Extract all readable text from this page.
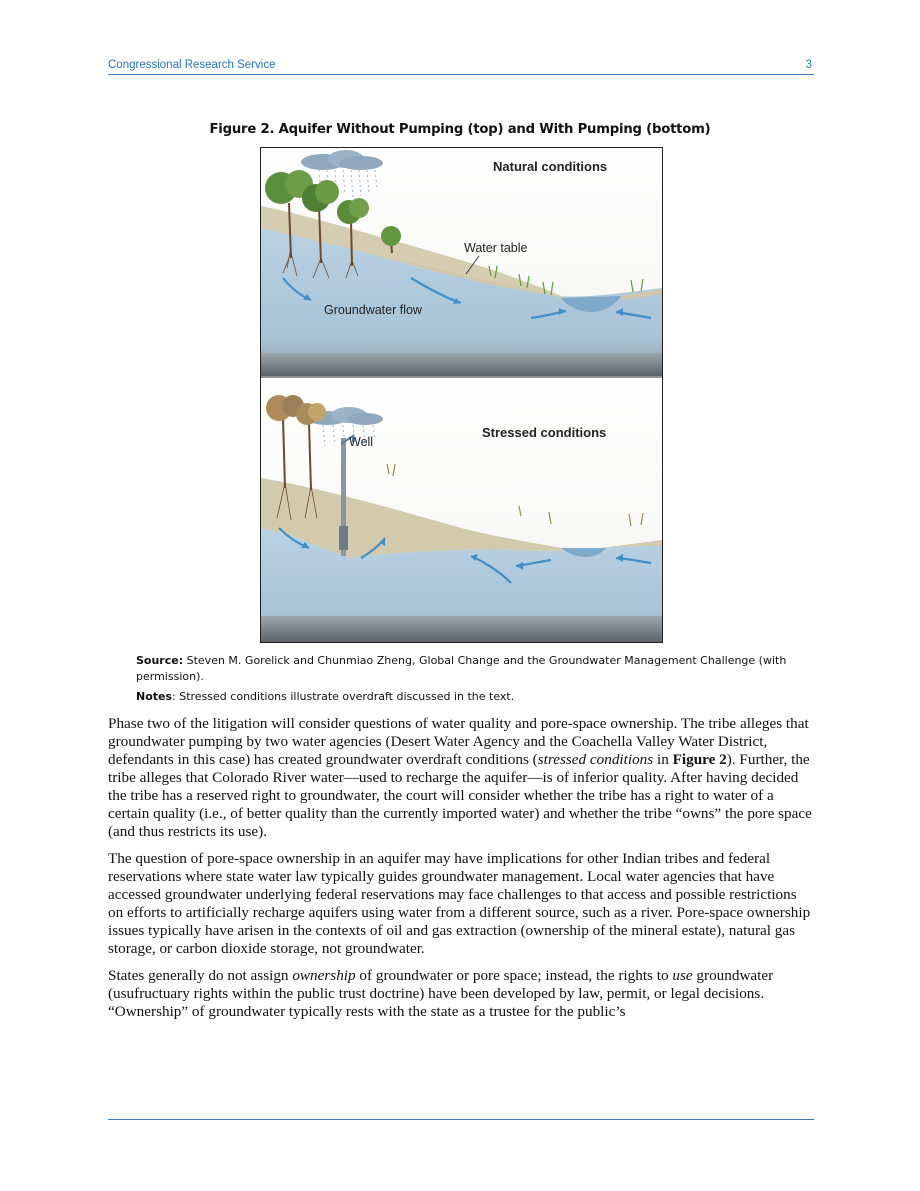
Congressional Research Service	3
Figure 2. Aquifer Without Pumping (top) and With Pumping (bottom)
Natural conditions
Water table
Groundwater flow
Stressed conditions
Well
Source: Steven M. Gorelick and Chunmiao Zheng, Global Change and the Groundwater Management Challenge (with permission).
Notes: Stressed conditions illustrate overdraft discussed in the text.

Phase two of the litigation will consider questions of water quality and pore-space ownership. The tribe alleges that groundwater pumping by two water agencies (Desert Water Agency and the Coachella Valley Water District, defendants in this case) has created groundwater overdraft conditions (stressed conditions in Figure 2). Further, the tribe alleges that Colorado River water—used to recharge the aquifer—is of inferior quality. After having decided the tribe has a reserved right to groundwater, the court will consider whether the tribe has a right to water of a certain quality (i.e., of better quality than the currently imported water) and whether the tribe “owns” the pore space (and thus restricts its use).

The question of pore-space ownership in an aquifer may have implications for other Indian tribes and federal reservations where state water law typically guides groundwater management. Local water agencies that have accessed groundwater underlying federal reservations may face challenges to that access and possible restrictions on efforts to artificially recharge aquifers using water from a different source, such as a river. Pore-space ownership issues typically have arisen in the contexts of oil and gas extraction (ownership of the mineral estate), natural gas storage, or carbon dioxide storage, not groundwater.

States generally do not assign ownership of groundwater or pore space; instead, the rights to use groundwater (usufructuary rights within the public trust doctrine) have been developed by law, permit, or legal decisions. “Ownership” of groundwater typically rests with the state as a trustee for the public’s
